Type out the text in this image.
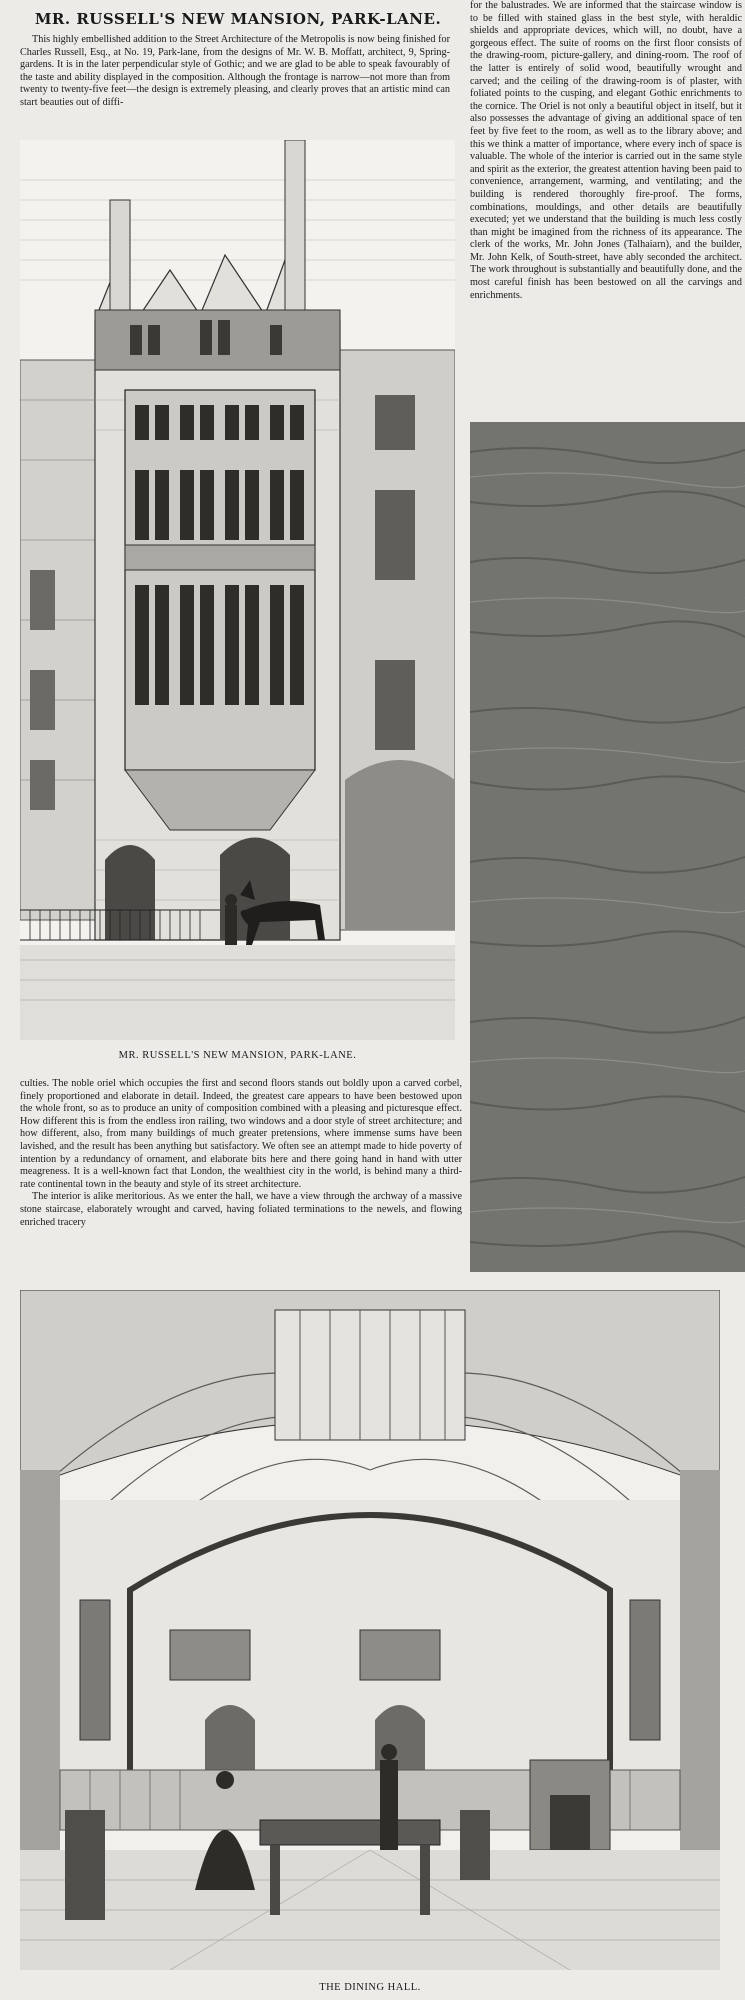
MR. RUSSELL'S NEW MANSION, PARK-LANE.

This highly embellished addition to the Street Architecture of the Metropolis is now being finished for Charles Russell, Esq., at No. 19, Park-lane, from the designs of Mr. W. B. Moffatt, architect, 9, Spring-gardens. It is in the later perpendicular style of Gothic; and we are glad to be able to speak favourably of the taste and ability displayed in the composition. Although the frontage is narrow—not more than from twenty to twenty-five feet—the design is extremely pleasing, and clearly proves that an artistic mind can start beauties out of diffi-

for the balustrades. We are informed that the staircase window is to be filled with stained glass in the best style, with heraldic shields and appropriate devices, which will, no doubt, have a gorgeous effect. The suite of rooms on the first floor consists of the drawing-room, picture-gallery, and dining-room. The roof of the latter is entirely of solid wood, beautifully wrought and carved; and the ceiling of the drawing-room is of plaster, with foliated points to the cusping, and elegant Gothic enrichments to the cornice. The Oriel is not only a beautiful object in itself, but it also possesses the advantage of giving an additional space of ten feet by five feet to the room, as well as to the library above; and this we think a matter of importance, where every inch of space is valuable. The whole of the interior is carried out in the same style and spirit as the exterior, the greatest attention having been paid to convenience, arrangement, warming, and ventilating; and the building is rendered thoroughly fire-proof. The forms, combinations, mouldings, and other details are beautifully executed; yet we understand that the building is much less costly than might be imagined from the richness of its appearance. The clerk of the works, Mr. John Jones (Talhaiarn), and the builder, Mr. John Kelk, of South-street, have ably seconded the architect. The work throughout is substantially and beautifully done, and the most careful finish has been bestowed on all the carvings and enrichments.

MR. RUSSELL'S NEW MANSION, PARK-LANE.

culties. The noble oriel which occupies the first and second floors stands out boldly upon a carved corbel, finely proportioned and elaborate in detail. Indeed, the greatest care appears to have been bestowed upon the whole front, so as to produce an unity of composition combined with a pleasing and picturesque effect. How different this is from the endless iron railing, two windows and a door style of street architecture; and how different, also, from many buildings of much greater pretensions, where immense sums have been lavished, and the result has been anything but satisfactory. We often see an attempt made to hide poverty of intention by a redundancy of ornament, and elaborate bits here and there going hand in hand with utter meagreness. It is a well-known fact that London, the wealthiest city in the world, is behind many a third-rate continental town in the beauty and style of its street architecture.

The interior is alike meritorious. As we enter the hall, we have a view through the archway of a massive stone staircase, elaborately wrought and carved, having foliated terminations to the newels, and flowing enriched tracery

THE DINING HALL.
